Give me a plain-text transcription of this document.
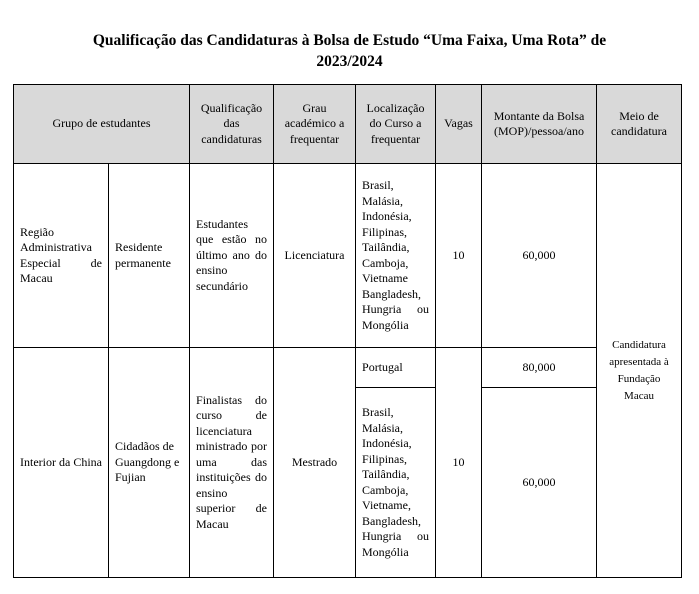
Qualificação das Candidaturas à Bolsa de Estudo “Uma Faixa, Uma Rota” de
2023/2024
Grupo de estudantes		Qualificação das candidaturas	Grau académico a frequentar	Localização do Curso a frequentar	Vagas	Montante da Bolsa (MOP)/pessoa/ano	Meio de candidatura
Região Administrativa Especial de Macau	Residente permanente	Estudantes que estão no último ano do ensino secundário	Licenciatura	Brasil, Malásia, Indonésia, Filipinas, Tailândia, Camboja, Vietname Bangladesh, Hungria ou Mongólia	10	60,000	Candidatura apresentada à Fundação Macau
Interior da China	Cidadãos de Guangdong e Fujian	Finalistas do curso de licenciatura ministrado por uma das instituições do ensino superior de Macau	Mestrado	Portugal	10	80,000	
				Brasil, Malásia, Indonésia, Filipinas, Tailândia, Camboja, Vietname, Bangladesh, Hungria ou Mongólia		60,000	
